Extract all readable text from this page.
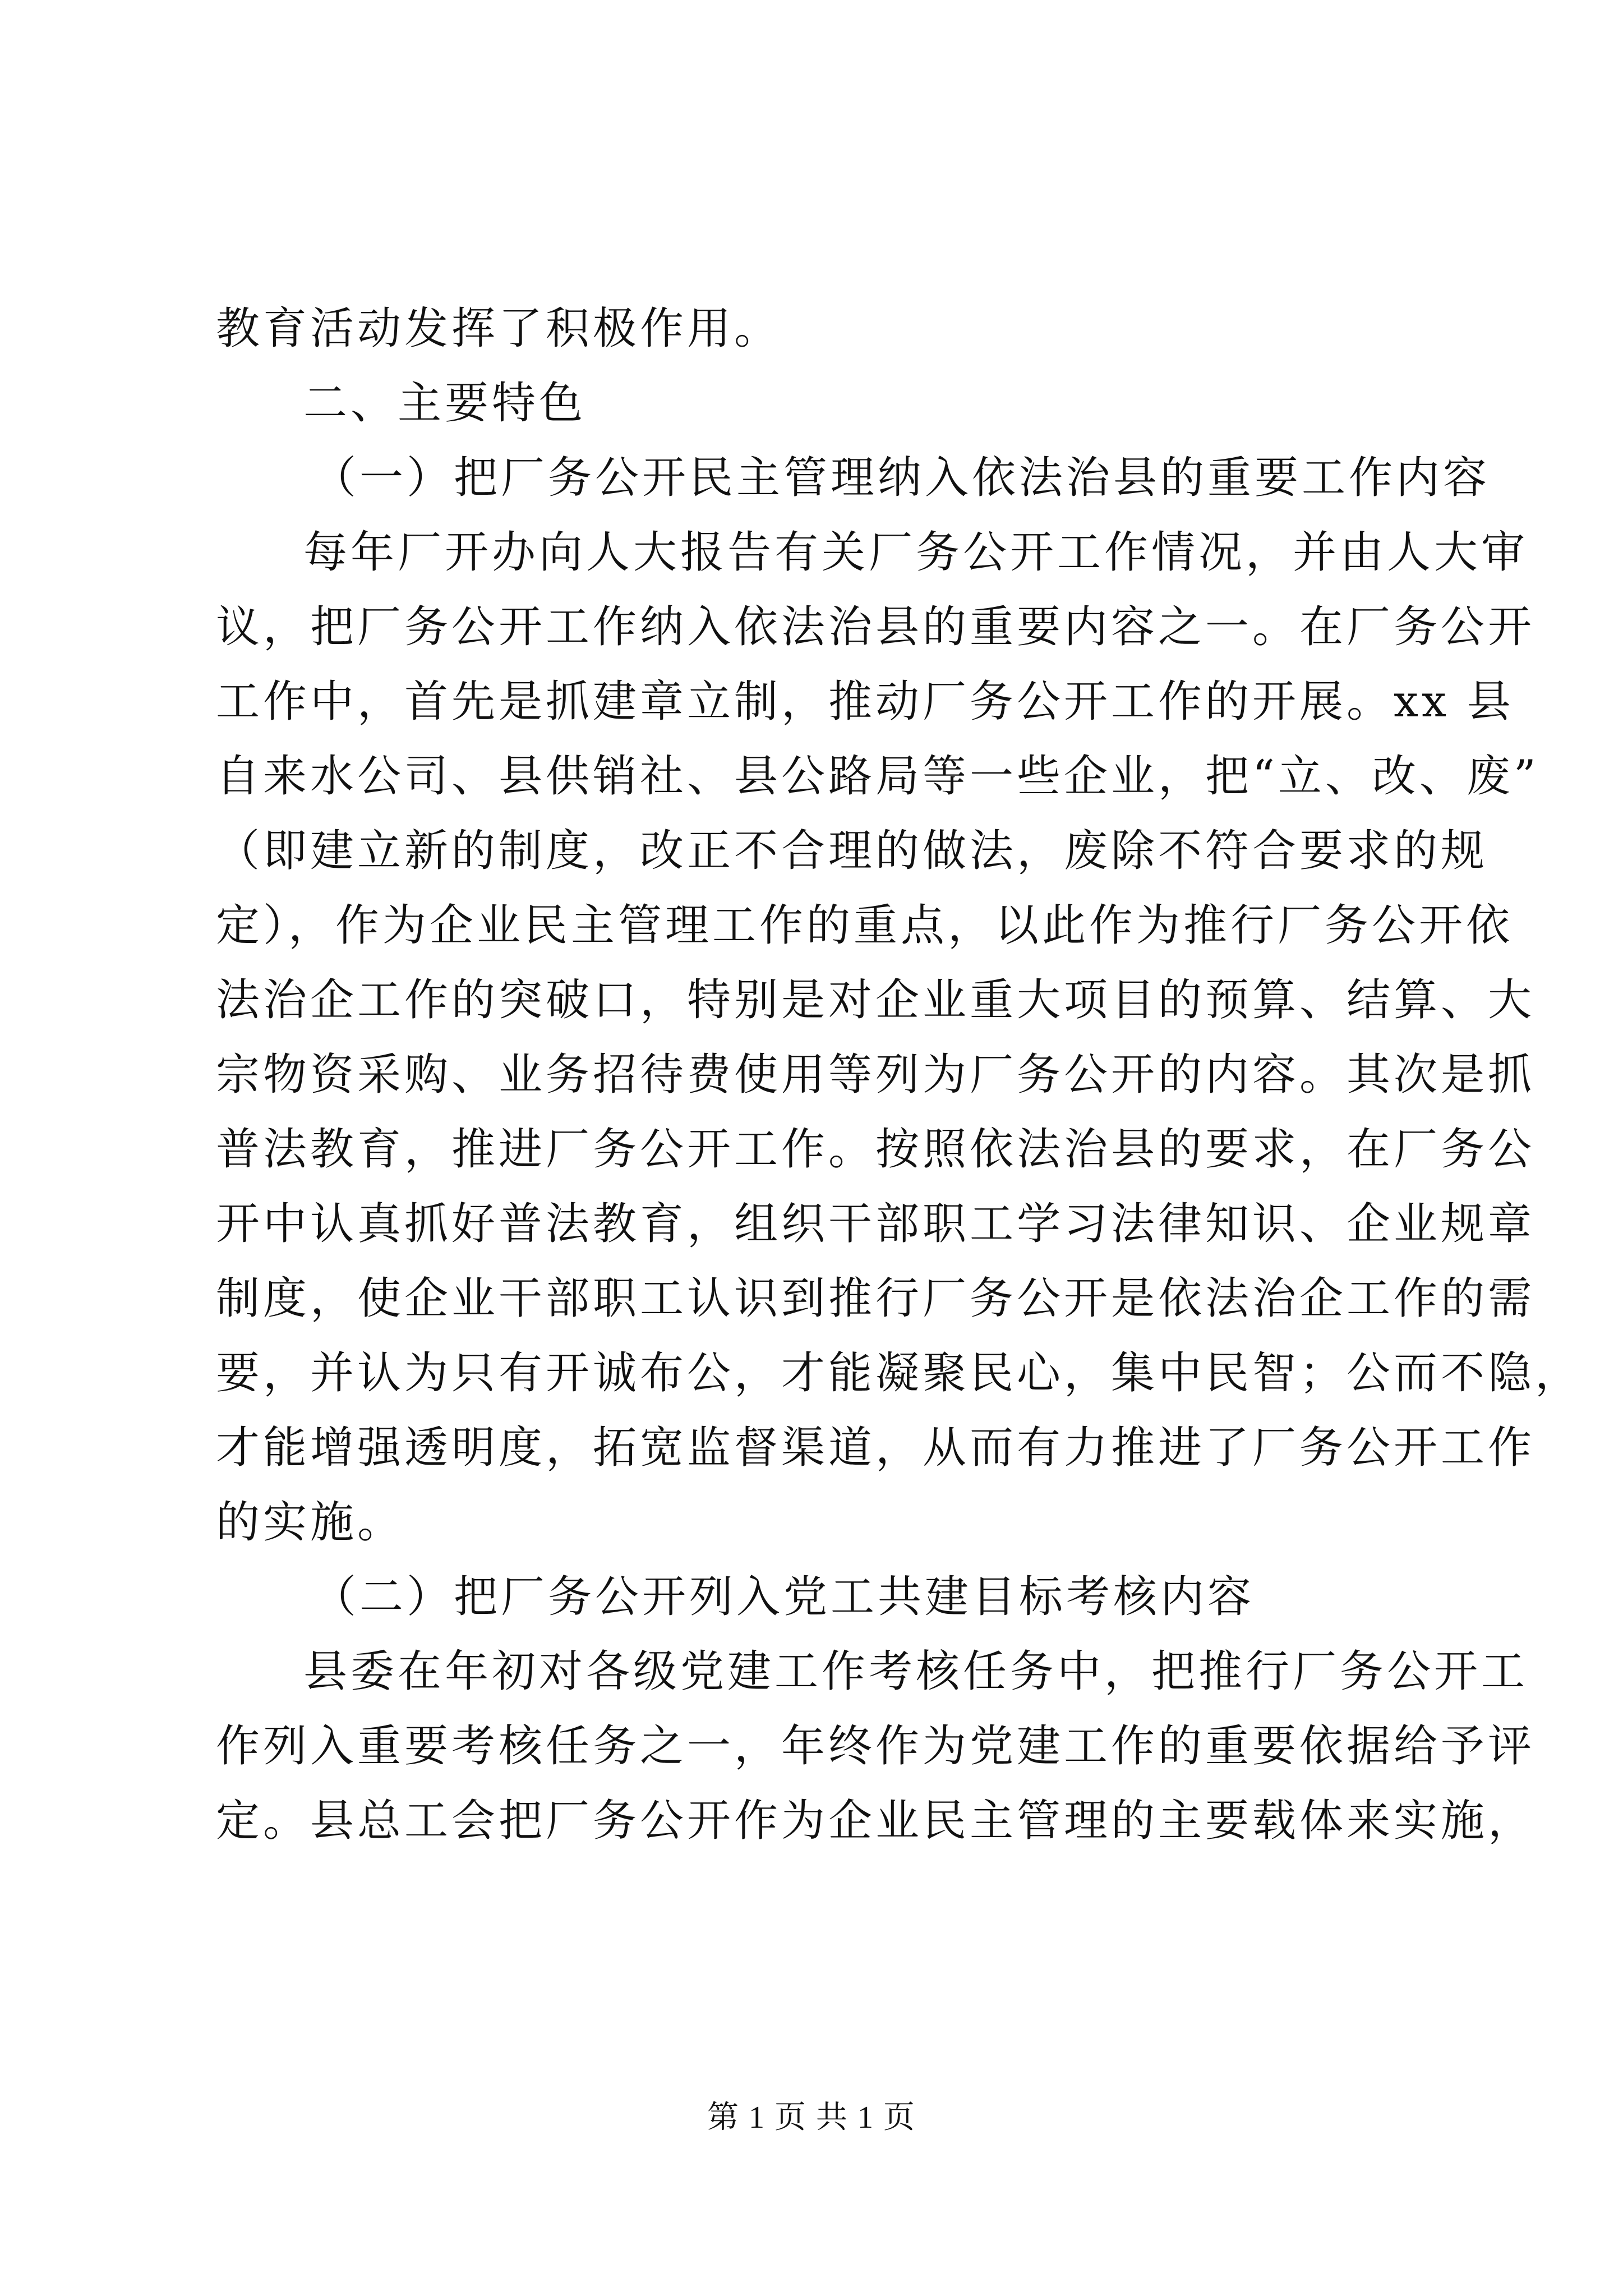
教育活动发挥了积极作用。
二、主要特色
（一）把厂务公开民主管理纳入依法治县的重要工作内容
每年厂开办向人大报告有关厂务公开工作情况，并由人大审
议，把厂务公开工作纳入依法治县的重要内容之一。在厂务公开
工作中，首先是抓建章立制，推动厂务公开工作的开展。xx 县
自来水公司、县供销社、县公路局等一些企业，把“立、改、废”
（即建立新的制度，改正不合理的做法，废除不符合要求的规
定），作为企业民主管理工作的重点，以此作为推行厂务公开依
法治企工作的突破口，特别是对企业重大项目的预算、结算、大
宗物资采购、业务招待费使用等列为厂务公开的内容。其次是抓
普法教育，推进厂务公开工作。按照依法治县的要求，在厂务公
开中认真抓好普法教育，组织干部职工学习法律知识、企业规章
制度，使企业干部职工认识到推行厂务公开是依法治企工作的需
要，并认为只有开诚布公，才能凝聚民心，集中民智；公而不隐，
才能增强透明度，拓宽监督渠道，从而有力推进了厂务公开工作
的实施。
（二）把厂务公开列入党工共建目标考核内容
县委在年初对各级党建工作考核任务中，把推行厂务公开工
作列入重要考核任务之一，年终作为党建工作的重要依据给予评
定。县总工会把厂务公开作为企业民主管理的主要载体来实施，
第 1 页 共 1 页
